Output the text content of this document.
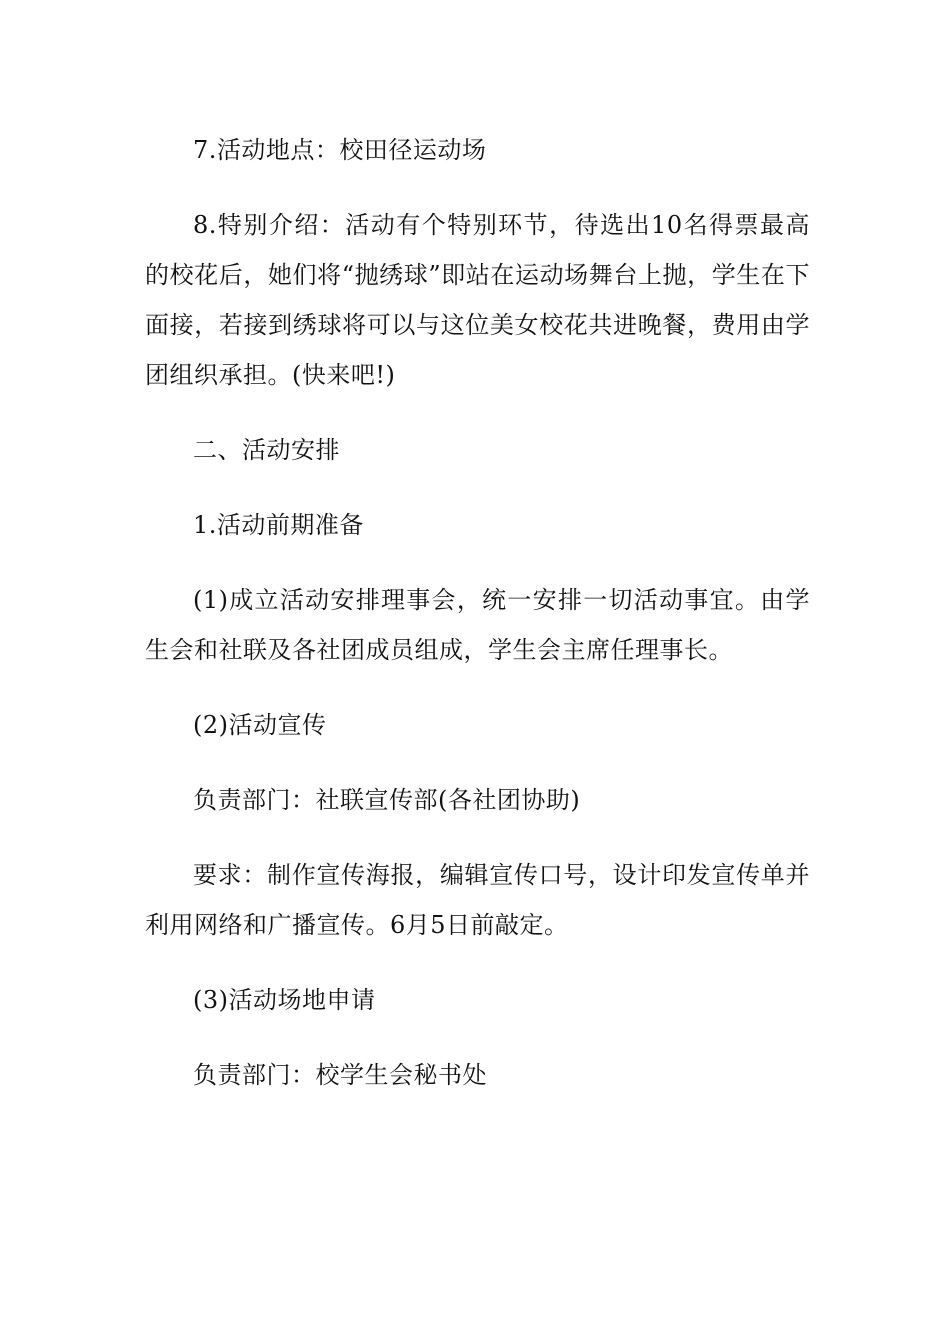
7.活动地点：校田径运动场

8.特别介绍：活动有个特别环节，待选出10名得票最高的校花后，她们将“抛绣球”即站在运动场舞台上抛，学生在下面接，若接到绣球将可以与这位美女校花共进晚餐，费用由学团组织承担。(快来吧!)

二、活动安排

1.活动前期准备

(1)成立活动安排理事会，统一安排一切活动事宜。由学生会和社联及各社团成员组成，学生会主席任理事长。

(2)活动宣传

负责部门：社联宣传部(各社团协助)

要求：制作宣传海报，编辑宣传口号，设计印发宣传单并利用网络和广播宣传。6月5日前敲定。

(3)活动场地申请

负责部门：校学生会秘书处
